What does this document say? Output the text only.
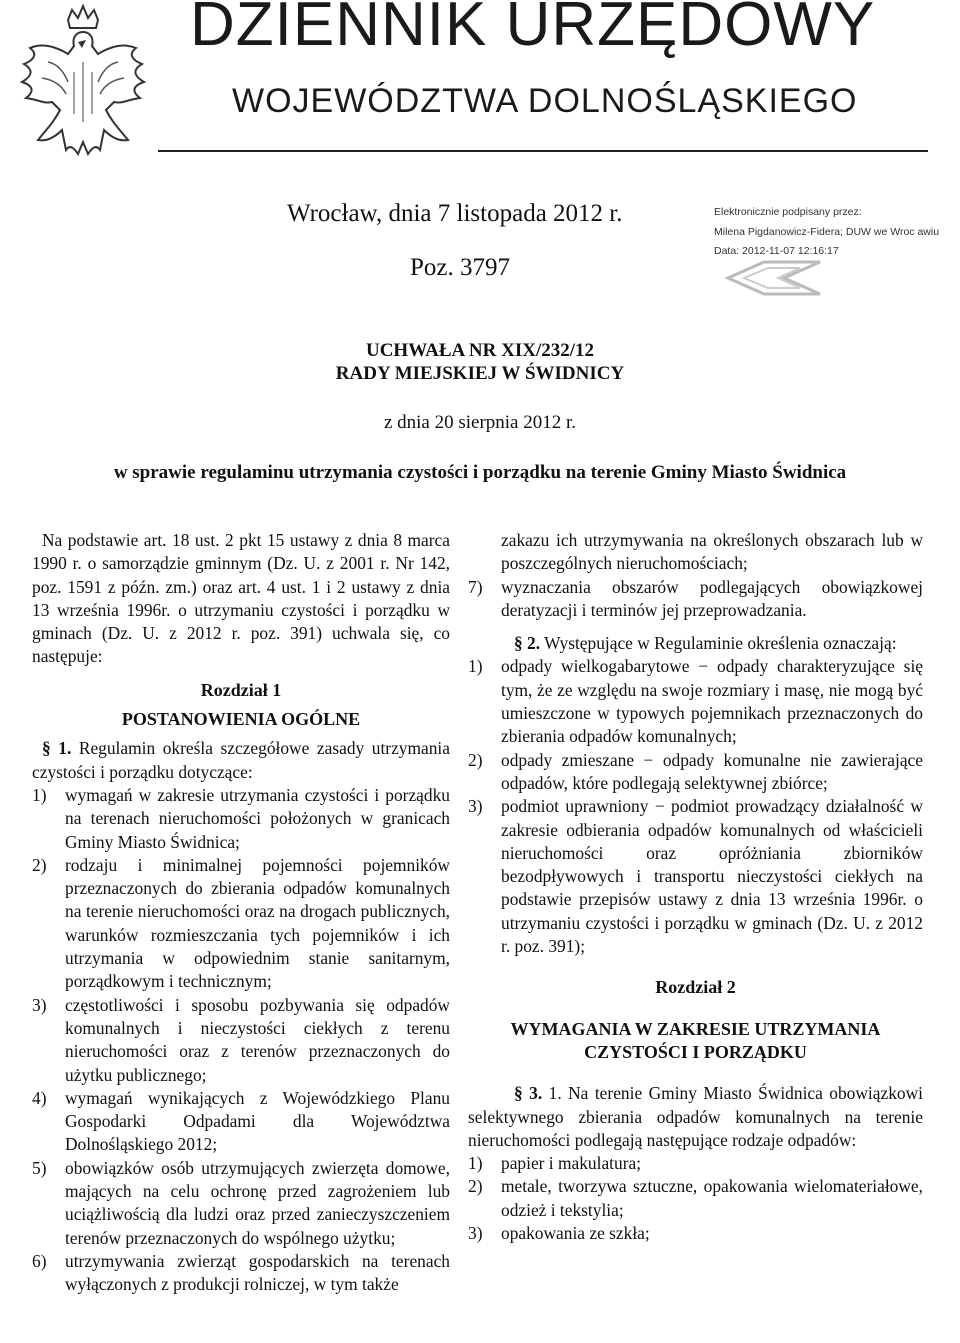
DZIENNIK URZĘDOWY
WOJEWÓDZTWA DOLNOŚLĄSKIEGO
Wrocław, dnia 7 listopada 2012 r.
Poz. 3797
Elektronicznie podpisany przez:
Milena Pigdanowicz-Fidera; DUW we Wroc awiu
Data: 2012-11-07 12:16:17
UCHWAŁA NR XIX/232/12
RADY MIEJSKIEJ W ŚWIDNICY
z dnia 20 sierpnia 2012 r.
w sprawie regulaminu utrzymania czystości i porządku na terenie Gminy Miasto Świdnica

Na podstawie art. 18 ust. 2 pkt 15 ustawy z dnia 8 marca 1990 r. o samorządzie gminnym (Dz. U. z 2001 r. Nr 142, poz. 1591 z późn. zm.) oraz art. 4 ust. 1 i 2 ustawy z dnia 13 września 1996r. o utrzymaniu czystości i porządku w gminach (Dz. U. z 2012 r. poz. 391) uchwala się, co następuje:

Rozdział 1

POSTANOWIENIA OGÓLNE

§ 1. Regulamin określa szczegółowe zasady utrzymania czystości i porządku dotyczące:

1) wymagań w zakresie utrzymania czystości i porządku na terenach nieruchomości położonych w granicach Gminy Miasto Świdnica;
2) rodzaju i minimalnej pojemności pojemników przeznaczonych do zbierania odpadów komunalnych na terenie nieruchomości oraz na drogach publicznych, warunków rozmieszczania tych pojemników i ich utrzymania w odpowiednim stanie sanitarnym, porządkowym i technicznym;
3) częstotliwości i sposobu pozbywania się odpadów komunalnych i nieczystości ciekłych z terenu nieruchomości oraz z terenów przeznaczonych do użytku publicznego;
4) wymagań wynikających z Wojewódzkiego Planu Gospodarki Odpadami dla Województwa Dolnośląskiego 2012;
5) obowiązków osób utrzymujących zwierzęta domowe, mających na celu ochronę przed zagrożeniem lub uciążliwością dla ludzi oraz przed zanieczyszczeniem terenów przeznaczonych do wspólnego użytku;
6) utrzymywania zwierząt gospodarskich na terenach wyłączonych z produkcji rolniczej, w tym także
zakazu ich utrzymywania na określonych obszarach lub w poszczególnych nieruchomościach;
7) wyznaczania obszarów podlegających obowiązkowej deratyzacji i terminów jej przeprowadzania.

§ 2. Występujące w Regulaminie określenia oznaczają:

1) odpady wielkogabarytowe − odpady charakteryzujące się tym, że ze względu na swoje rozmiary i masę, nie mogą być umieszczone w typowych pojemnikach przeznaczonych do zbierania odpadów komunalnych;
2) odpady zmieszane − odpady komunalne nie zawierające odpadów, które podlegają selektywnej zbiórce;
3) podmiot uprawniony − podmiot prowadzący działalność w zakresie odbierania odpadów komunalnych od właścicieli nieruchomości oraz opróżniania zbiorników bezodpływowych i transportu nieczystości ciekłych na podstawie przepisów ustawy z dnia 13 września 1996r. o utrzymaniu czystości i porządku w gminach (Dz. U. z 2012 r. poz. 391);

Rozdział 2

WYMAGANIA W ZAKRESIE UTRZYMANIA CZYSTOŚCI I PORZĄDKU

§ 3. 1. Na terenie Gminy Miasto Świdnica obowiązkowi selektywnego zbierania odpadów komunalnych na terenie nieruchomości podlegają następujące rodzaje odpadów:

1) papier i makulatura;
2) metale, tworzywa sztuczne, opakowania wielomateriałowe, odzież i tekstylia;
3) opakowania ze szkła;
